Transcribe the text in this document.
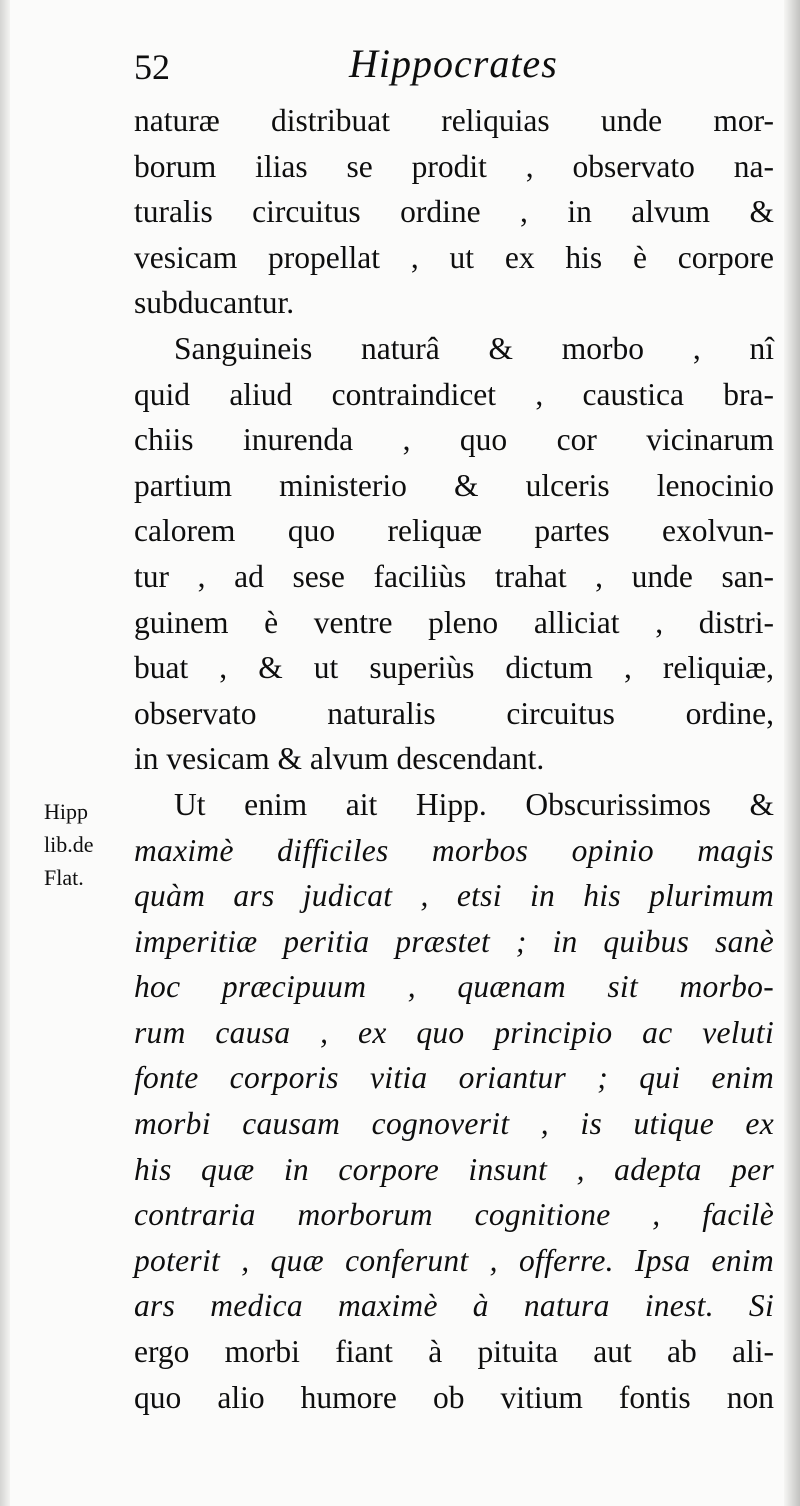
52	Hippocrates
Hipp
lib.de
Flat.
naturæ distribuat reliquias unde mor-
borum ilias se prodit , observato na-
turalis circuitus ordine , in alvum &
vesicam propellat , ut ex his è corpore
subducantur.
Sanguineis naturâ & morbo , nî
quid aliud contraindicet , caustica bra-
chiis inurenda , quo cor vicinarum
partium ministerio & ulceris lenocinio
calorem quo reliquæ partes exolvun-
tur , ad sese faciliùs trahat , unde san-
guinem è ventre pleno alliciat , distri-
buat , & ut superiùs dictum , reliquiæ,
observato naturalis circuitus ordine,
in vesicam & alvum descendant.
Ut enim ait Hipp. Obscurissimos &
maximè difficiles morbos opinio magis
quàm ars judicat , etsi in his plurimum
imperitiæ peritia præstet ; in quibus sanè
hoc præcipuum , quænam sit morbo-
rum causa , ex quo principio ac veluti
fonte corporis vitia oriantur ; qui enim
morbi causam cognoverit , is utique ex
his quæ in corpore insunt , adepta per
contraria morborum cognitione , facilè
poterit , quæ conferunt , offerre. Ipsa enim
ars medica maximè à natura inest. Si
ergo morbi fiant à pituita aut ab ali-
quo alio humore ob vitium fontis non
